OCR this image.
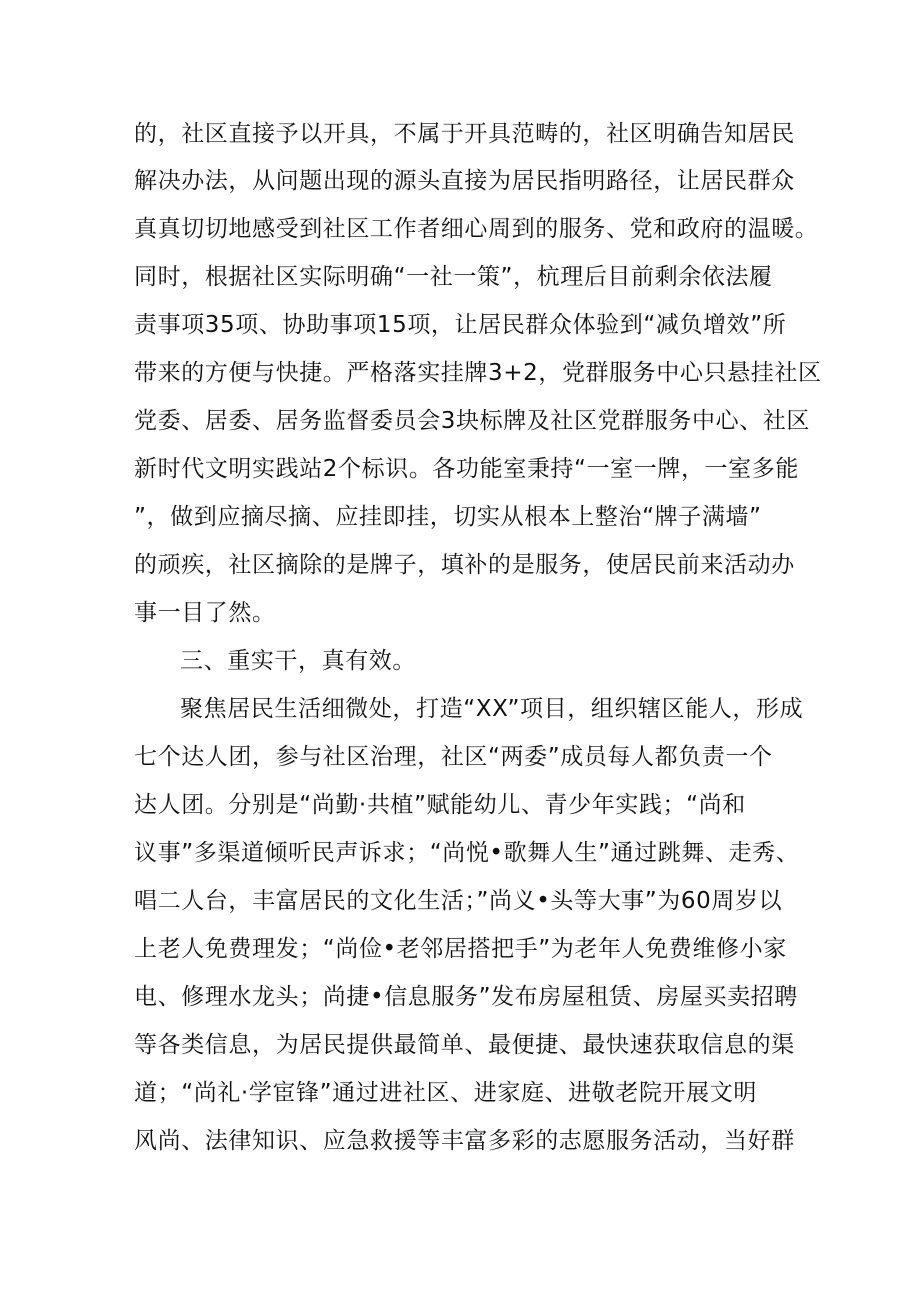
的，社区直接予以开具，不属于开具范畴的，社区明确告知居民
解决办法，从问题出现的源头直接为居民指明路径，让居民群众
真真切切地感受到社区工作者细心周到的服务、党和政府的温暖。
同时，根据社区实际明确“一社一策”，杭理后目前剩余依法履
责事项35项、协助事项15项，让居民群众体验到“减负增效”所
带来的方便与快捷。严格落实挂牌3+2，党群服务中心只悬挂社区
党委、居委、居务监督委员会3块标牌及社区党群服务中心、社区
新时代文明实践站2个标识。各功能室秉持“一室一牌，一室多能
”，做到应摘尽摘、应挂即挂，切实从根本上整治“牌子满墙”
的顽疾，社区摘除的是牌子，填补的是服务，使居民前来活动办
事一目了然。
三、重实干，真有效。
聚焦居民生活细微处，打造“XX”项目，组织辖区能人，形成
七个达人团，参与社区治理，社区“两委”成员每人都负责一个
达人团。分别是“尚勤·共植”赋能幼儿、青少年实践；“尚和
议事”多渠道倾听民声诉求；“尚悦•歌舞人生”通过跳舞、走秀、
唱二人台，丰富居民的文化生活；”尚义•头等大事”为60周岁以
上老人免费理发；“尚俭•老邻居搭把手”为老年人免费维修小家
电、修理水龙头；尚捷•信息服务”发布房屋租赁、房屋买卖招聘
等各类信息，为居民提供最简单、最便捷、最快速获取信息的渠
道；“尚礼·学宦锋”通过进社区、进家庭、进敬老院开展文明
风尚、法律知识、应急救援等丰富多彩的志愿服务活动，当好群
